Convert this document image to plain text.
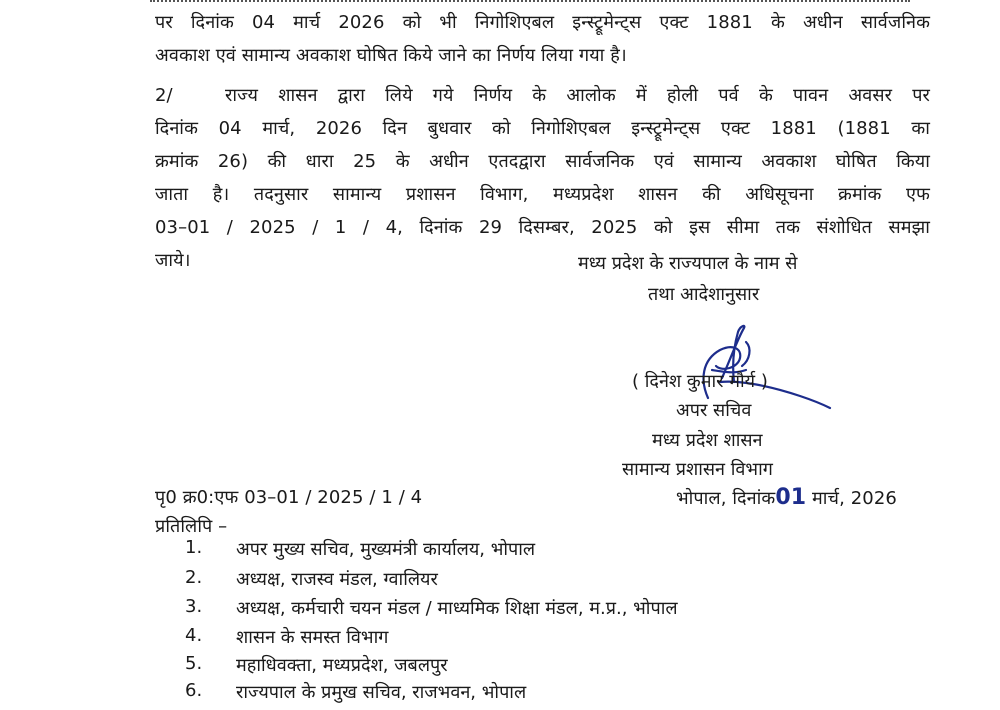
पर दिनांक 04 मार्च 2026 को भी निगोशिएबल इन्स्ट्रूमेन्ट्स एक्ट 1881 के अधीन सार्वजनिक
अवकाश एवं सामान्य अवकाश घोषित किये जाने का निर्णय लिया गया है।
2/	राज्य शासन द्वारा लिये गये निर्णय के आलोक में होली पर्व के पावन अवसर पर
दिनांक 04 मार्च, 2026 दिन बुधवार को निगोशिएबल इन्स्ट्रूमेन्ट्स एक्ट 1881 (1881 का
क्रमांक 26) की धारा 25 के अधीन एतदद्वारा सार्वजनिक एवं सामान्य अवकाश घोषित किया
जाता है। तदनुसार सामान्य प्रशासन विभाग, मध्यप्रदेश शासन की अधिसूचना क्रमांक एफ
03–01 / 2025 / 1 / 4, दिनांक 29 दिसम्बर, 2025 को इस सीमा तक संशोधित समझा
जाये।	मध्य प्रदेश के राज्यपाल के नाम से
तथा आदेशानुसार
( दिनेश कुमार मौर्य )
अपर सचिव
मध्य प्रदेश शासन
सामान्य प्रशासन विभाग
पृ0 क्र0:एफ 03–01 / 2025 / 1 / 4	भोपाल, दिनांक01 मार्च, 2026
प्रतिलिपि –
1.	अपर मुख्य सचिव, मुख्यमंत्री कार्यालय, भोपाल
2.	अध्यक्ष, राजस्व मंडल, ग्वालियर
3.	अध्यक्ष, कर्मचारी चयन मंडल / माध्यमिक शिक्षा मंडल, म.प्र., भोपाल
4.	शासन के समस्त विभाग
5.	महाधिवक्ता, मध्यप्रदेश, जबलपुर
6.	राज्यपाल के प्रमुख सचिव, राजभवन, भोपाल
